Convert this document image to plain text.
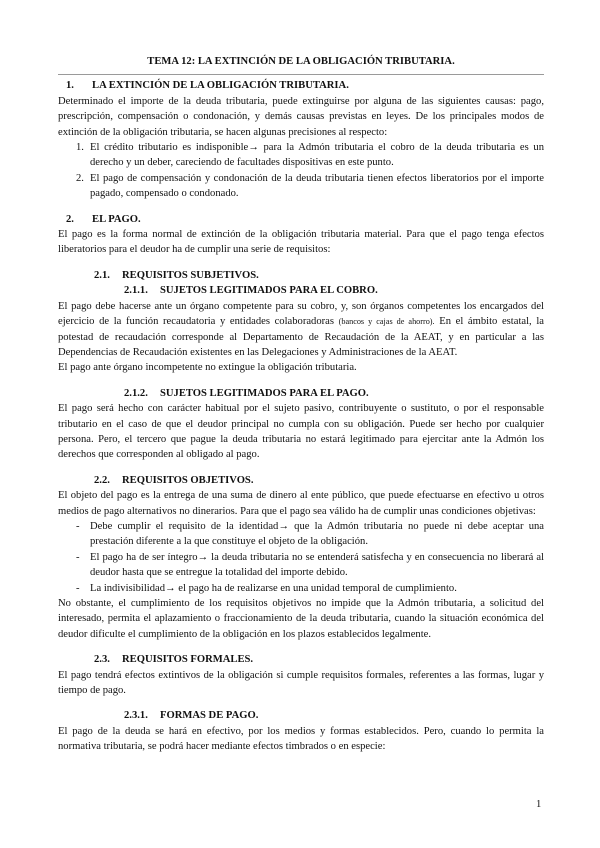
TEMA 12: LA EXTINCIÓN DE LA OBLIGACIÓN TRIBUTARIA.
1.	LA EXTINCIÓN DE LA OBLIGACIÓN TRIBUTARIA.

Determinado el importe de la deuda tributaria, puede extinguirse por alguna de las siguientes causas: pago, prescripción, compensación o condonación, y demás causas previstas en leyes. De los principales modos de extinción de la obligación tributaria, se hacen algunas precisiones al respecto:

1. El crédito tributario es indisponible→ para la Admón tributaria el cobro de la deuda tributaria es un derecho y un deber, careciendo de facultades dispositivas en este punto.
2. El pago de compensación y condonación de la deuda tributaria tienen efectos liberatorios por el importe pagado, compensado o condonado.
2.	EL PAGO.

El pago es la forma normal de extinción de la obligación tributaria material. Para que el pago tenga efectos liberatorios para el deudor ha de cumplir una serie de requisitos:

2.1.	REQUISITOS SUBJETIVOS.
2.1.1.	SUJETOS LEGITIMADOS PARA EL COBRO.

El pago debe hacerse ante un órgano competente para su cobro, y, son órganos competentes los encargados del ejercicio de la función recaudatoria y entidades colaboradoras (bancos y cajas de ahorro). En el ámbito estatal, la potestad de recaudación corresponde al Departamento de Recaudación de la AEAT, y en particular a las Dependencias de Recaudación existentes en las Delegaciones y Administraciones de la AEAT.

El pago ante órgano incompetente no extingue la obligación tributaria.

2.1.2.	SUJETOS LEGITIMADOS PARA EL PAGO.

El pago será hecho con carácter habitual por el sujeto pasivo, contribuyente o sustituto, o por el responsable tributario en el caso de que el deudor principal no cumpla con su obligación. Puede ser hecho por cualquier persona. Pero, el tercero que pague la deuda tributaria no estará legitimado para ejercitar ante la Admón los derechos que corresponden al obligado al pago.

2.2.	REQUISITOS OBJETIVOS.

El objeto del pago es la entrega de una suma de dinero al ente público, que puede efectuarse en efectivo u otros medios de pago alternativos no dinerarios. Para que el pago sea válido ha de cumplir unas condiciones objetivas:

- Debe cumplir el requisito de la identidad→ que la Admón tributaria no puede ni debe aceptar una prestación diferente a la que constituye el objeto de la obligación.
- El pago ha de ser íntegro→ la deuda tributaria no se entenderá satisfecha y en consecuencia no liberará al deudor hasta que se entregue la totalidad del importe debido.
- La indivisibilidad→ el pago ha de realizarse en una unidad temporal de cumplimiento.

No obstante, el cumplimiento de los requisitos objetivos no impide que la Admón tributaria, a solicitud del interesado, permita el aplazamiento o fraccionamiento de la deuda tributaria, cuando la situación económica del deudor dificulte el cumplimiento de la obligación en los plazos establecidos legalmente.

2.3.	REQUISITOS FORMALES.

El pago tendrá efectos extintivos de la obligación si cumple requisitos formales, referentes a las formas, lugar y tiempo de pago.

2.3.1.	FORMAS DE PAGO.

El pago de la deuda se hará en efectivo, por los medios y formas establecidos. Pero, cuando lo permita la normativa tributaria, se podrá hacer mediante efectos timbrados o en especie:

1
